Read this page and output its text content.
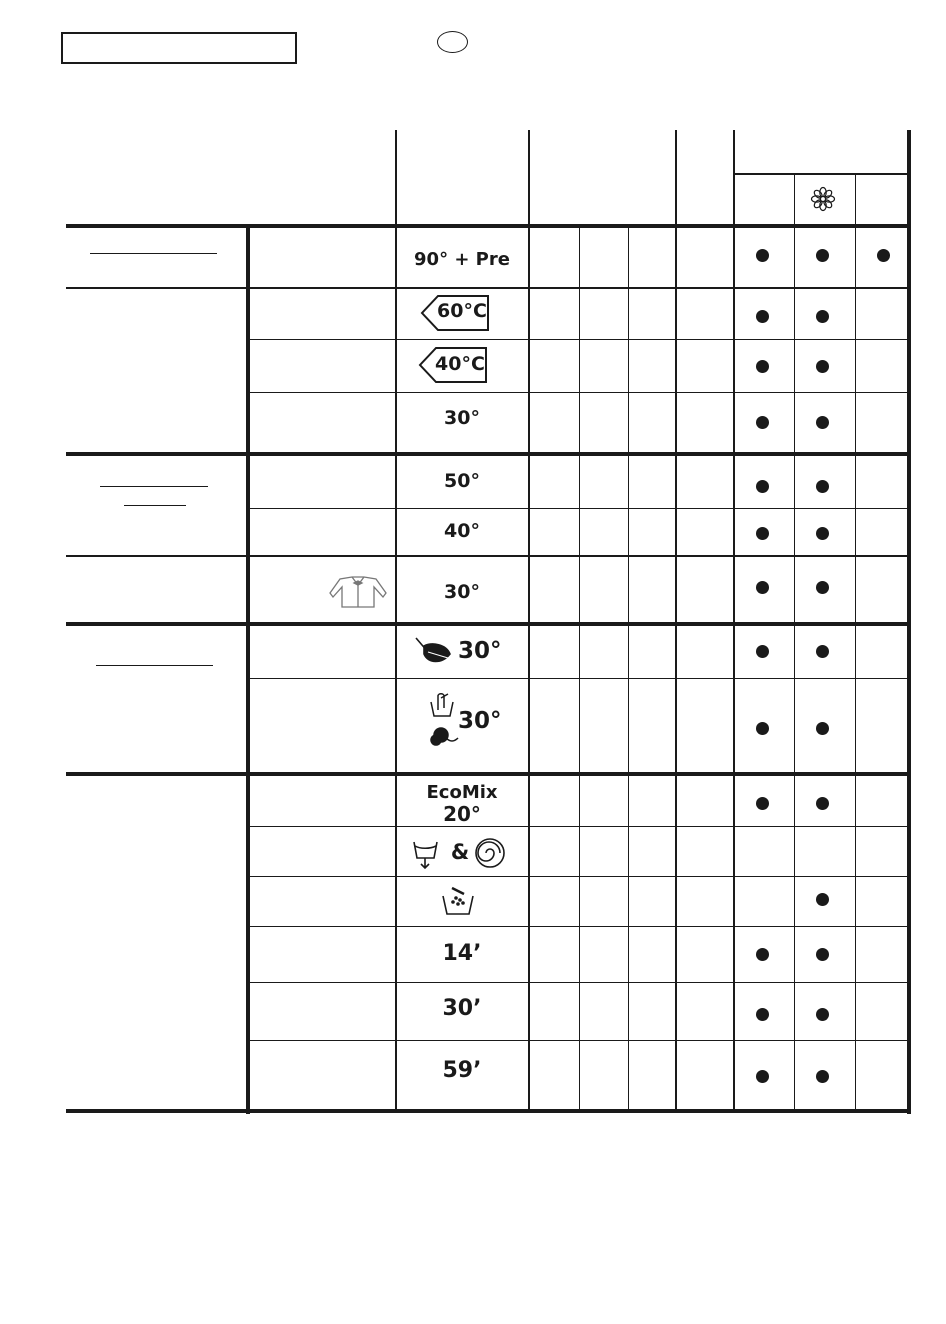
90° + Pre
60°C
40°C
30°
50°
40°
30°
30°
30°
EcoMix
20°
&
14’
30’
59’
